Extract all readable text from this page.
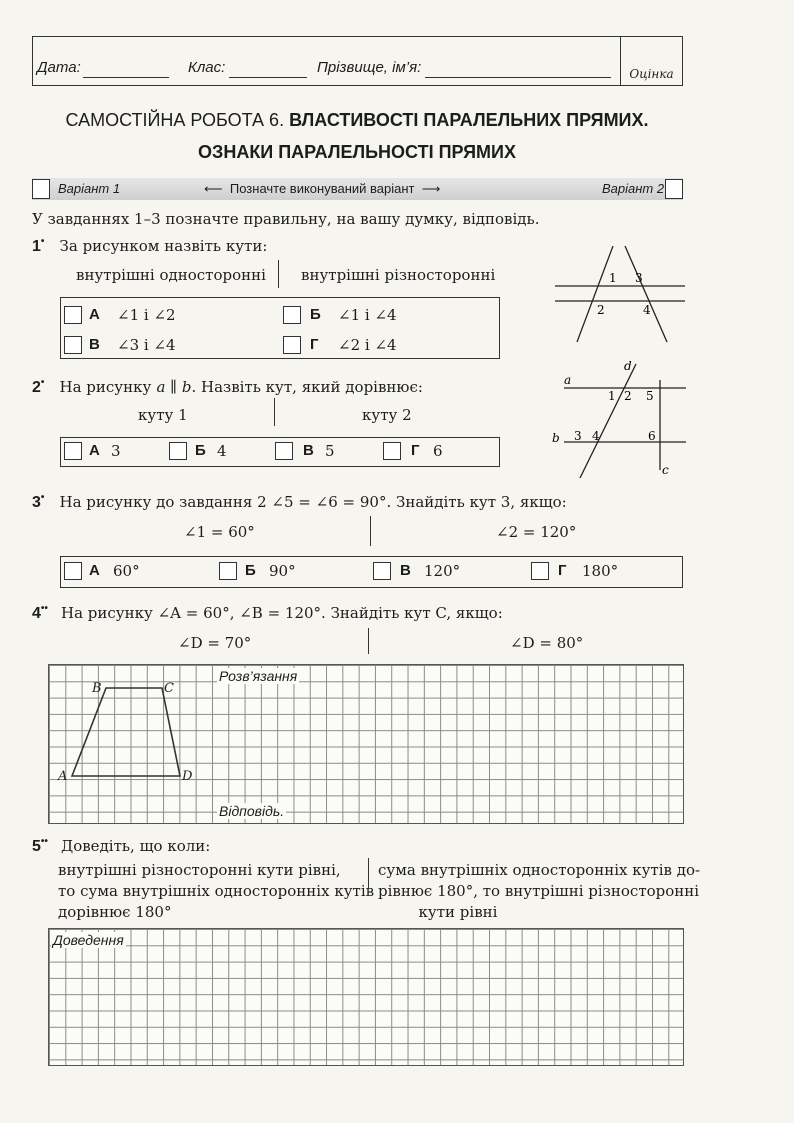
Дата:	Клас:	Прізвище, ім’я:	Оцінка
САМОСТІЙНА РОБОТА 6. ВЛАСТИВОСТІ ПАРАЛЕЛЬНИХ ПРЯМИХ.
ОЗНАКИ ПАРАЛЕЛЬНОСТІ ПРЯМИХ
Варіант 1	⟵  Позначте виконуваний варіант  ⟶	Варіант 2
У завданнях 1–3 позначте правильну, на вашу думку, відповідь.
1• За рисунком назвіть кути:
внутрішні односторонні внутрішні різносторонні
А ∠1 і ∠2	Б ∠1 і ∠4
В ∠3 і ∠4	Г ∠2 і ∠4
1 3
2	4
2• На рисунку a ∥ b. Назвіть кут, який дорівнює:
куту 1	куту 2
А 3	Б 4	В 5	Г 6
a
b
c
d
1 2 5
3 4	6
3• На рисунку до завдання 2 ∠5 = ∠6 = 90°. Знайдіть кут 3, якщо:
∠1 = 60°	∠2 = 120°
А 60°	Б 90°	В 120°	Г 180°
4•• На рисунку ∠A = 60°, ∠B = 120°. Знайдіть кут C, якщо:
∠D = 70°	∠D = 80°
Розв’язання
Відповідь.
B	C
A	D
5•• Доведіть, що коли:
внутрішні різносторонні кути рівні,
то сума внутрішніх односторонніх кутів
дорівнює 180°
сума внутрішніх односторонніх кутів до-
рівнює 180°, то внутрішні різносторонні
кути рівні
Доведення
